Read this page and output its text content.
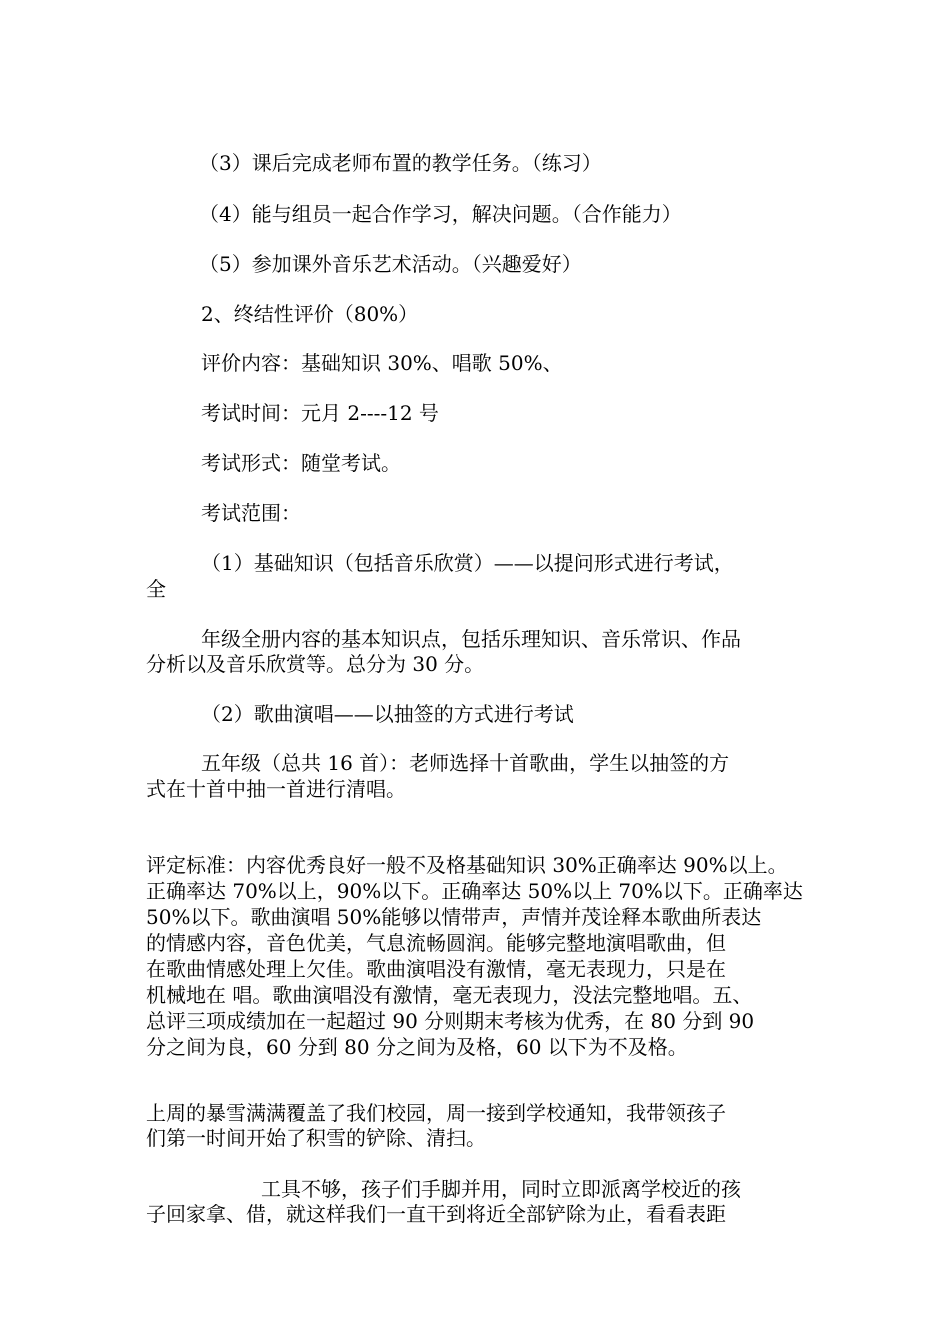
（3）课后完成老师布置的教学任务。（练习）
（4）能与组员一起合作学习，解决问题。（合作能力）
（5）参加课外音乐艺术活动。（兴趣爱好）
2、终结性评价（80%）
评价内容：基础知识 30%、唱歌 50%、
考试时间：元月 2----12 号
考试形式：随堂考试。
考试范围：
（1）基础知识（包括音乐欣赏）——以提问形式进行考试，
全
年级全册内容的基本知识点，包括乐理知识、音乐常识、作品
分析以及音乐欣赏等。总分为 30 分。
（2）歌曲演唱——以抽签的方式进行考试
五年级（总共 16 首）：老师选择十首歌曲，学生以抽签的方
式在十首中抽一首进行清唱。

评定标准：内容优秀良好一般不及格基础知识 30%正确率达 90%以上。

正确率达 70%以上，90%以下。正确率达 50%以上 70%以下。正确率达

50%以下。歌曲演唱 50%能够以情带声，声情并茂诠释本歌曲所表达

的情感内容，音色优美，气息流畅圆润。能够完整地演唱歌曲，但

在歌曲情感处理上欠佳。歌曲演唱没有激情，毫无表现力，只是在

机械地在 唱。歌曲演唱没有激情，毫无表现力，没法完整地唱。五、

总评三项成绩加在一起超过 90 分则期末考核为优秀，在 80 分到 90

分之间为良，60 分到 80 分之间为及格，60 以下为不及格。

上周的暴雪满满覆盖了我们校园，周一接到学校通知，我带领孩子
们第一时间开始了积雪的铲除、清扫。
工具不够，孩子们手脚并用，同时立即派离学校近的孩
子回家拿、借，就这样我们一直干到将近全部铲除为止，看看表距
